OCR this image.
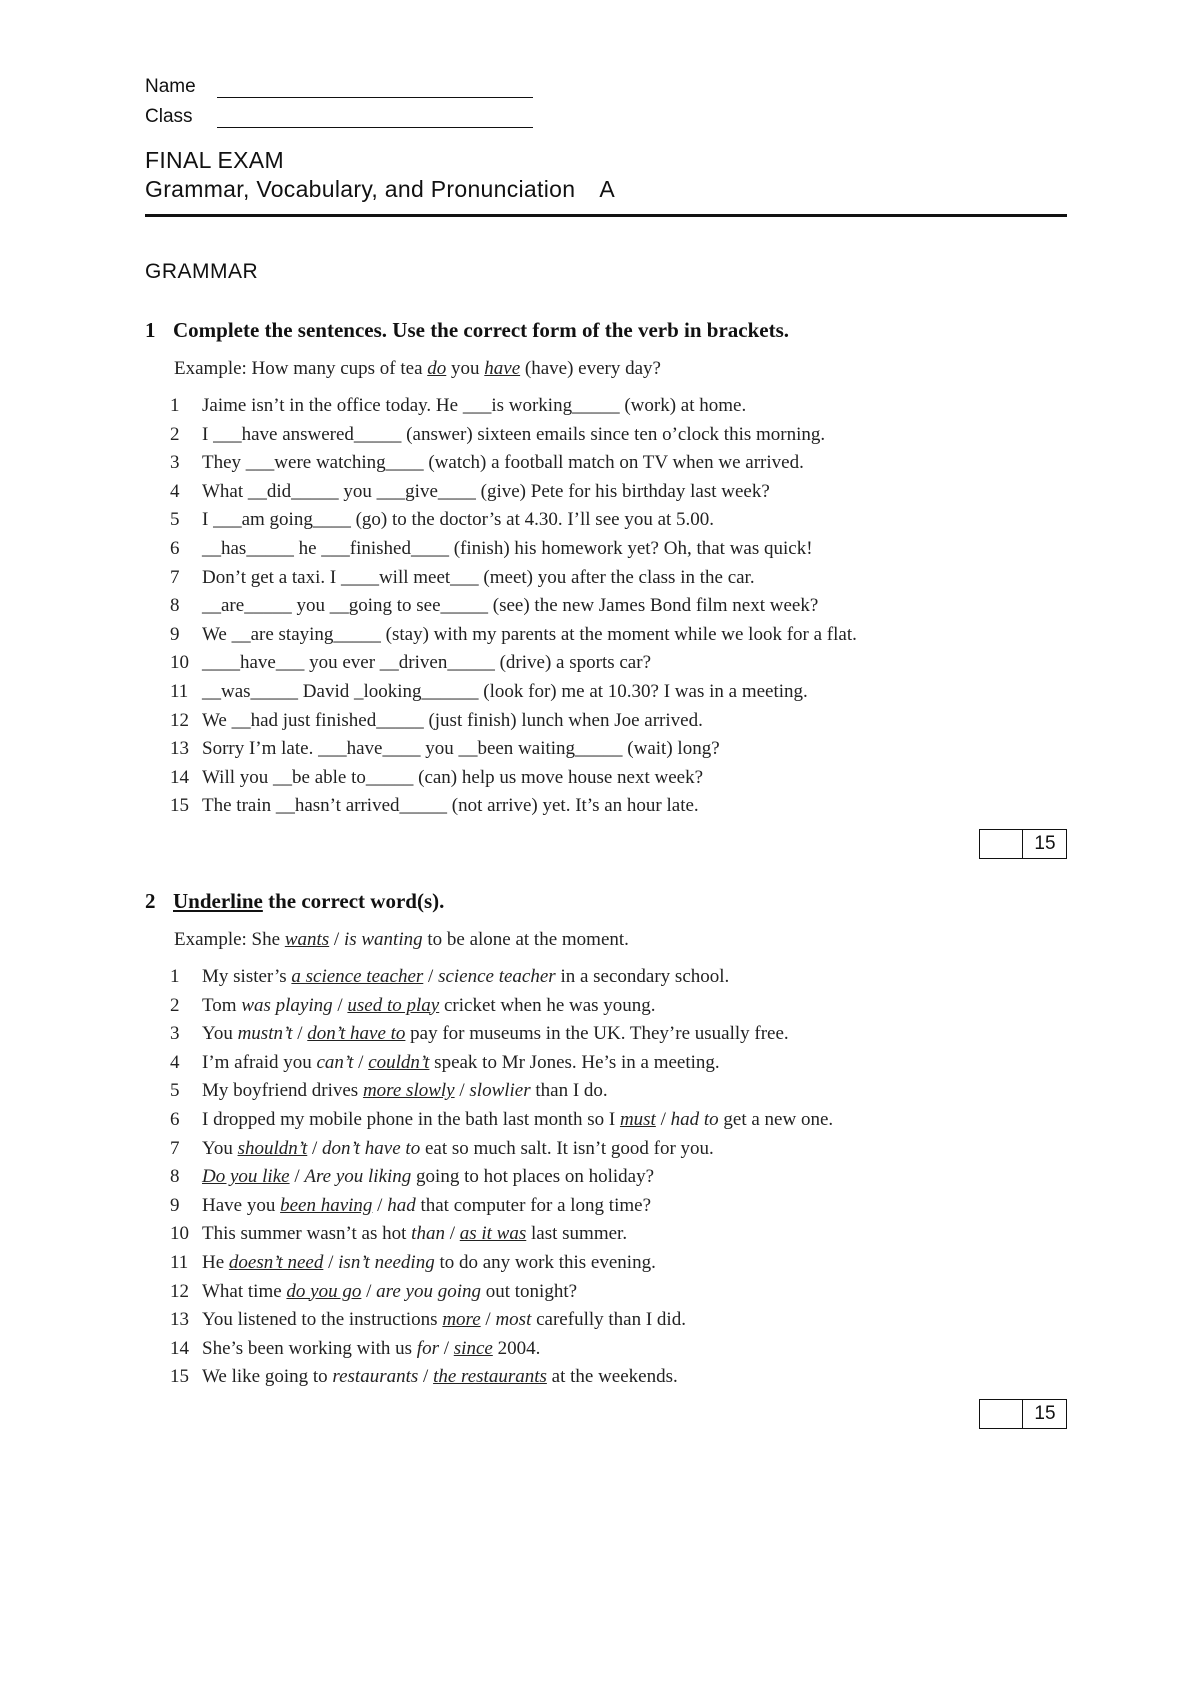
Name
Class
FINAL EXAM
Grammar, Vocabulary, and Pronunciation A
GRAMMAR
1 Complete the sentences. Use the correct form of the verb in brackets.
Example: How many cups of tea do you have (have) every day?
1 Jaime isn’t in the office today. He ___is working_____ (work) at home.
2 I ___have answered_____ (answer) sixteen emails since ten o’clock this morning.
3 They ___were watching____ (watch) a football match on TV when we arrived.
4 What __did_____ you ___give____ (give) Pete for his birthday last week?
5 I ___am going____ (go) to the doctor’s at 4.30. I’ll see you at 5.00.
6 __has_____ he ___finished____ (finish) his homework yet? Oh, that was quick!
7 Don’t get a taxi. I ____will meet___ (meet) you after the class in the car.
8 __are_____ you __going to see_____ (see) the new James Bond film next week?
9 We __are staying_____ (stay) with my parents at the moment while we look for a flat.
10 ____have___ you ever __driven_____ (drive) a sports car?
11 __was_____ David _looking______ (look for) me at 10.30? I was in a meeting.
12 We __had just finished_____ (just finish) lunch when Joe arrived.
13 Sorry I’m late. ___have____ you __been waiting_____ (wait) long?
14 Will you __be able to_____ (can) help us move house next week?
15 The train __hasn’t arrived_____ (not arrive) yet. It’s an hour late.
15
2 Underline the correct word(s).
Example: She wants / is wanting to be alone at the moment.
1 My sister’s a science teacher / science teacher in a secondary school.
2 Tom was playing / used to play cricket when he was young.
3 You mustn’t / don’t have to pay for museums in the UK. They’re usually free.
4 I’m afraid you can’t / couldn’t speak to Mr Jones. He’s in a meeting.
5 My boyfriend drives more slowly / slowlier than I do.
6 I dropped my mobile phone in the bath last month so I must / had to get a new one.
7 You shouldn’t / don’t have to eat so much salt. It isn’t good for you.
8 Do you like / Are you liking going to hot places on holiday?
9 Have you been having / had that computer for a long time?
10 This summer wasn’t as hot than / as it was last summer.
11 He doesn’t need / isn’t needing to do any work this evening.
12 What time do you go / are you going out tonight?
13 You listened to the instructions more / most carefully than I did.
14 She’s been working with us for / since 2004.
15 We like going to restaurants / the restaurants at the weekends.
15
